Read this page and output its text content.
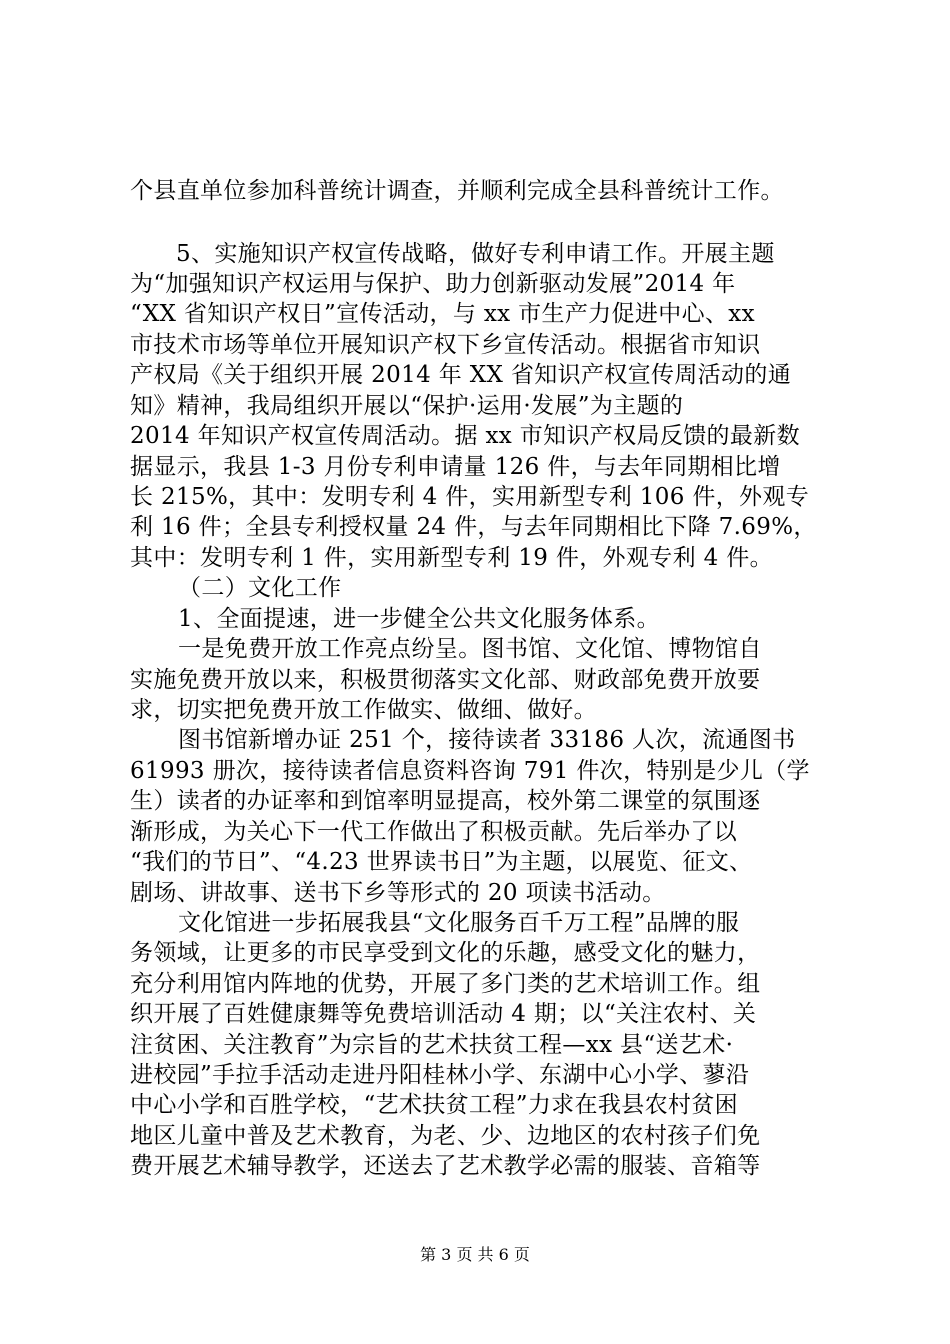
个县直单位参加科普统计调查，并顺利完成全县科普统计工作。
5、实施知识产权宣传战略，做好专利申请工作。开展主题
为“加强知识产权运用与保护、助力创新驱动发展”2014 年
“XX 省知识产权日”宣传活动，与 xx 市生产力促进中心、xx
市技术市场等单位开展知识产权下乡宣传活动。根据省市知识
产权局《关于组织开展 2014 年 XX 省知识产权宣传周活动的通
知》精神，我局组织开展以“保护·运用·发展”为主题的
2014 年知识产权宣传周活动。据 xx 市知识产权局反馈的最新数
据显示，我县 1-3 月份专利申请量 126 件，与去年同期相比增
长 215%，其中：发明专利 4 件，实用新型专利 106 件，外观专
利 16 件；全县专利授权量 24 件，与去年同期相比下降 7.69%，
其中：发明专利 1 件，实用新型专利 19 件，外观专利 4 件。
（二）文化工作
1、全面提速，进一步健全公共文化服务体系。
一是免费开放工作亮点纷呈。图书馆、文化馆、博物馆自
实施免费开放以来，积极贯彻落实文化部、财政部免费开放要
求，切实把免费开放工作做实、做细、做好。
图书馆新增办证 251 个，接待读者 33186 人次，流通图书
61993 册次，接待读者信息资料咨询 791 件次，特别是少儿（学
生）读者的办证率和到馆率明显提高，校外第二课堂的氛围逐
渐形成，为关心下一代工作做出了积极贡献。先后举办了以
“我们的节日”、“4.23 世界读书日”为主题，以展览、征文、
剧场、讲故事、送书下乡等形式的 20 项读书活动。
文化馆进一步拓展我县“文化服务百千万工程”品牌的服
务领域，让更多的市民享受到文化的乐趣，感受文化的魅力，
充分利用馆内阵地的优势，开展了多门类的艺术培训工作。组
织开展了百姓健康舞等免费培训活动 4 期；以“关注农村、关
注贫困、关注教育”为宗旨的艺术扶贫工程—xx 县“送艺术·
进校园”手拉手活动走进丹阳桂林小学、东湖中心小学、蓼沿
中心小学和百胜学校，“艺术扶贫工程”力求在我县农村贫困
地区儿童中普及艺术教育，为老、少、边地区的农村孩子们免
费开展艺术辅导教学，还送去了艺术教学必需的服装、音箱等
第 3 页 共 6 页
